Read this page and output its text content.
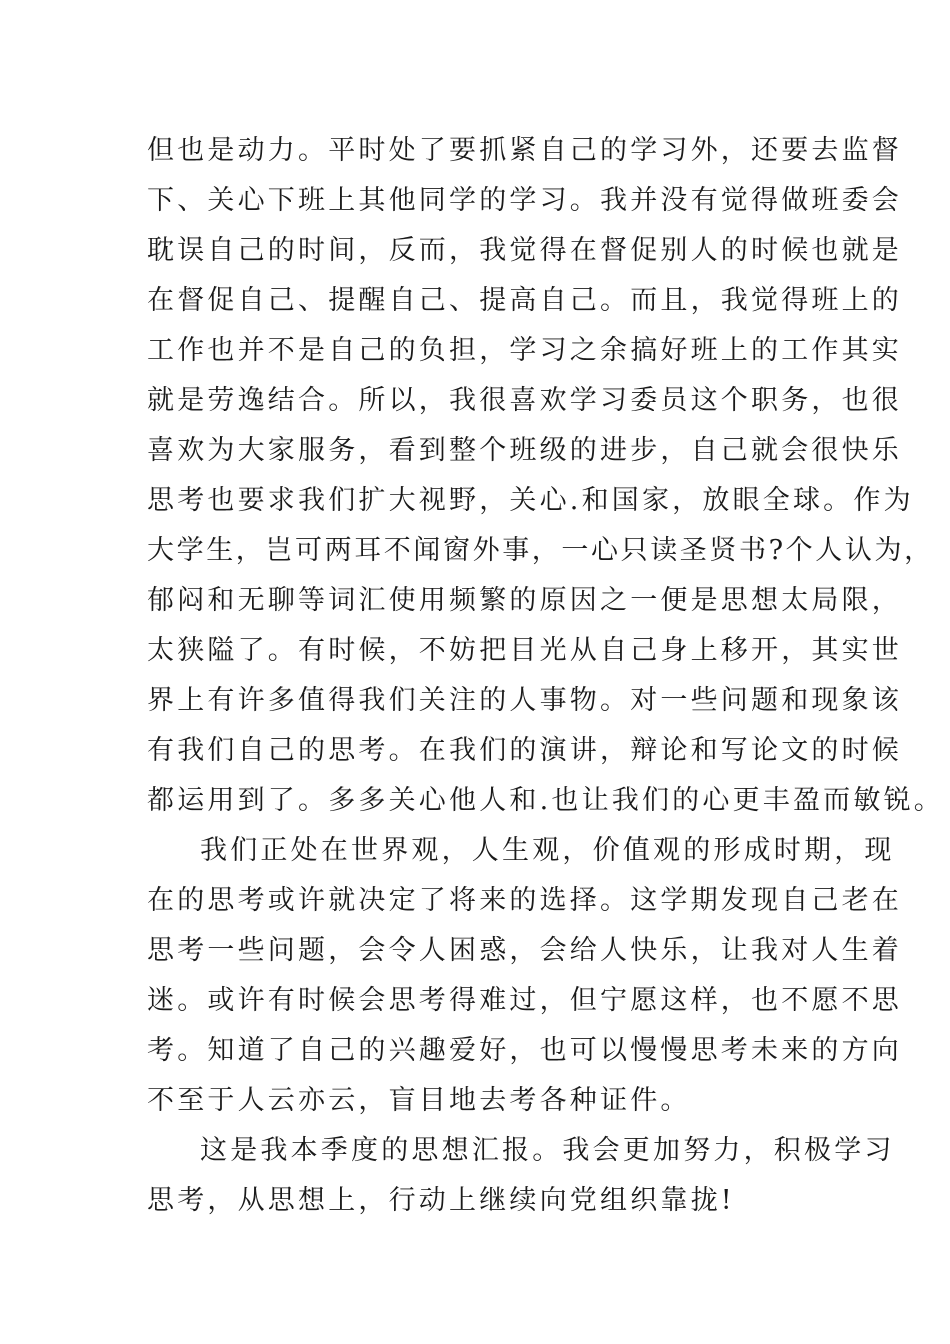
但也是动力。平时处了要抓紧自己的学习外，还要去监督
下、关心下班上其他同学的学习。我并没有觉得做班委会
耽误自己的时间，反而，我觉得在督促别人的时候也就是
在督促自己、提醒自己、提高自己。而且，我觉得班上的
工作也并不是自己的负担，学习之余搞好班上的工作其实
就是劳逸结合。所以，我很喜欢学习委员这个职务，也很
喜欢为大家服务，看到整个班级的进步，自己就会很快乐
思考也要求我们扩大视野，关心.和国家，放眼全球。作为
大学生，岂可两耳不闻窗外事，一心只读圣贤书?个人认为，
郁闷和无聊等词汇使用频繁的原因之一便是思想太局限，
太狭隘了。有时候，不妨把目光从自己身上移开，其实世
界上有许多值得我们关注的人事物。对一些问题和现象该
有我们自己的思考。在我们的演讲，辩论和写论文的时候
都运用到了。多多关心他人和.也让我们的心更丰盈而敏锐。
我们正处在世界观，人生观，价值观的形成时期，现
在的思考或许就决定了将来的选择。这学期发现自己老在
思考一些问题，会令人困惑，会给人快乐，让我对人生着
迷。或许有时候会思考得难过，但宁愿这样，也不愿不思
考。知道了自己的兴趣爱好，也可以慢慢思考未来的方向
不至于人云亦云，盲目地去考各种证件。
这是我本季度的思想汇报。我会更加努力，积极学习
思考，从思想上，行动上继续向党组织靠拢!
